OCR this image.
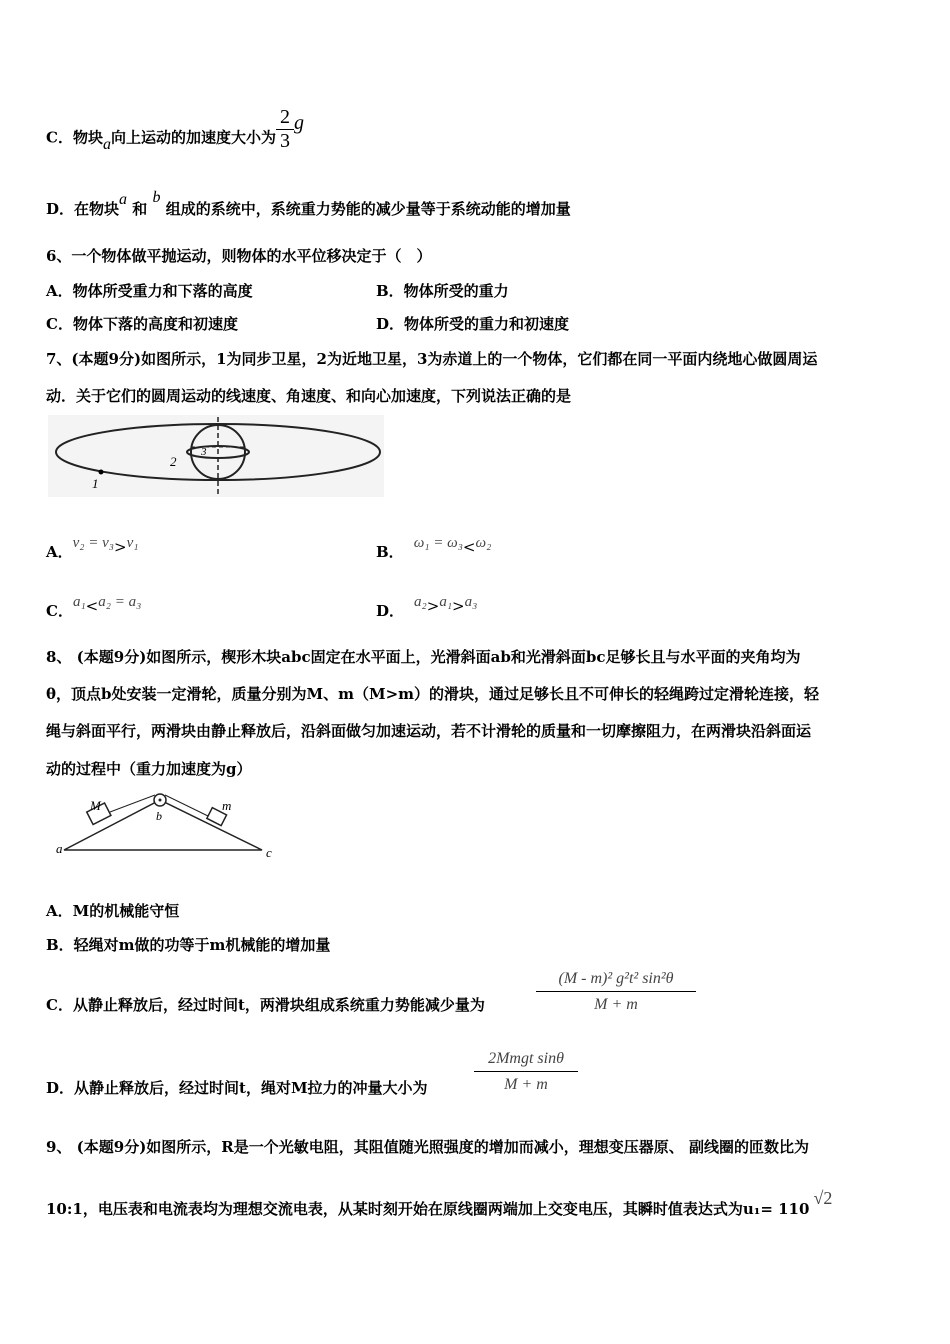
C．物块a向上运动的加速度大小为 $\frac{2}{3}$ g
D．在物块a 和 b 组成的系统中，系统重力势能的减少量等于系统动能的增加量
6、一个物体做平抛运动，则物体的水平位移决定于（　）
A．物体所受重力和下落的高度	B．物体所受的重力
C．物体下落的高度和初速度	D．物体所受的重力和初速度
7、(本题9分)如图所示，1为同步卫星，2为近地卫星，3为赤道上的一个物体，它们都在同一平面内绕地心做圆周运
动．关于它们的圆周运动的线速度、角速度、和向心加速度，下列说法正确的是
1
2
3
A．v₂ = v₃>v₁	B． ω₁ = ω₃<ω₂
C．a₁<a₂ = a₃	D． a₂>a₁>a₃
8、 (本题9分)如图所示，楔形木块abc固定在水平面上，光滑斜面ab和光滑斜面bc足够长且与水平面的夹角均为
θ，顶点b处安装一定滑轮，质量分别为M、m（M>m）的滑块，通过足够长且不可伸长的轻绳跨过定滑轮连接，轻
绳与斜面平行，两滑块由静止释放后，沿斜面做匀加速运动，若不计滑轮的质量和一切摩擦阻力，在两滑块沿斜面运
动的过程中（重力加速度为g）
M	m
a
b
c
A．M的机械能守恒
B．轻绳对m做的功等于m机械能的增加量
C．从静止释放后，经过时间t，两滑块组成系统重力势能减少量为	$\frac{\text{(M - m)² g²t² sin²θ}}{M + m}$
D．从静止释放后，经过时间t，绳对M拉力的冲量大小为
2Mmgt sinθ
M + m
9、 (本题9分)如图所示，R是一个光敏电阻，其阻值随光照强度的增加而减小，理想变压器原、 副线圈的匝数比为
10:1，电压表和电流表均为理想交流电表，从某时刻开始在原线圈两端加上交变电压，其瞬时值表达式为u₁= 110√2
